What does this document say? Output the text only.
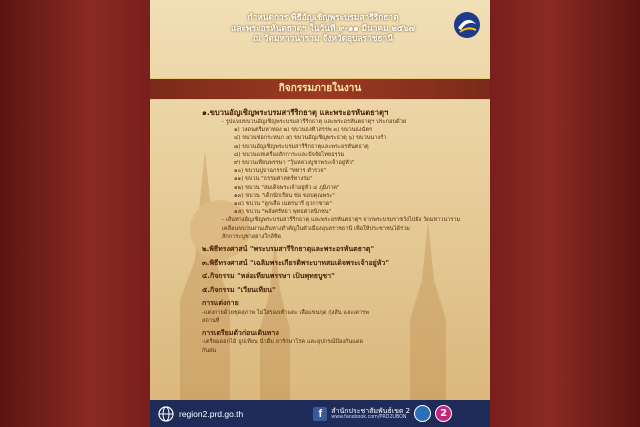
กำหนดการ พิธีอัญเชิญพระบรมสารีริกธาตุ
และพระอรหันตธาตุฯ ในวันที่ ๙-๑๑ มีนาคม ๒๕๖๗
ณ วัดมหาวนาราม จังหวัดอุบลราชธานี
กิจกรรมภายในงาน
๑.ขบวนอัญเชิญพระบรมสารีริกธาตุ และพระอรหันตธาตุฯ
- รูปแบบขบวนอัญเชิญพระบรมสารีริกธาตุ และพระอรหันตธาตุฯ ประกอบด้วย
๑) วงดนตรีมหาทอง ๒) ขบวนธงทิวสรรพ ๓) ขบวนธงฉัตร
๔) ขบวนช่อกระหนก ๕) ขบวนอัญเชิญพระธาตุ ๖) ขบวนนางรำ
๗) ขบวนอัญเชิญพระบรมสารีริกธาตุและพระอรหันตธาตุ
๘) ขบวนแห่เครื่องสักการะและปัจจัยไทยธรรม
๙) ขบวนเทียนพรรษา "วุ้นหลวงบูชาพระเจ้าอยู่หัว"
๑๐) ขบวนปูจาฉกรรณ์ "ทหาร ตำรวจ"
๑๑) ขบวน "ธรรมศาสตร์ทางร่ม"
๑๒) ขบวน "สมเด็จพระเจ้าอยู่หัว ๔ ภูมิภาค"
๑๓) ขบวน "เด็กนักเรียน ช่อ ขอบคุณพระ"
๑๔) ขบวน "ลูกเสือ เนตรนารี ยุวกาชาด"
๑๕) ขบวน "พลังศรัทธา พุทธศาสนิกชน"
- เส้นทางอัญเชิญพระบรมสารีริกธาตุ และพระอรหันตธาตุฯ จากพระบรมราชวังไปยัง วัดมหาวนาราม
เคลื่อนขบวนผ่านเส้นทางสำคัญในตัวเมืองอุบลราชธานี เพื่อให้ประชาชนได้ร่วม
สักการะบูชาอย่างใกล้ชิด
๒.พิธีทรงศาสน์ "พระบรมสารีริกธาตุและพระอรหันตธาตุ"
๓.พิธีทรงศาสน์ "เฉลิมพระเกียรติพระบาทสมเด็จพระเจ้าอยู่หัว"
๔.กิจกรรม "หล่อเทียนพรรษา เป็นพุทธบูชา"
๕.กิจกรรม "เวียนเทียน"
การแต่งกาย
-แต่งกายด้วยชุดสุภาพ ไม่ใส่รองเท้าแตะ เสื้อแขนกุด กุ่งสั้น และเคารพ
สถานที่
การเตรียมตัวก่อนเดินทาง
-เตรียมดอกไม้ ธูปเทียน น้ำดื่ม ยารักษาโรค และอุปกรณ์ป้องกันแดด
กันฝน
region2.prd.go.th	f	สำนักประชาสัมพันธ์เขต 2
www.facebook.com/PRD2UBON	2
